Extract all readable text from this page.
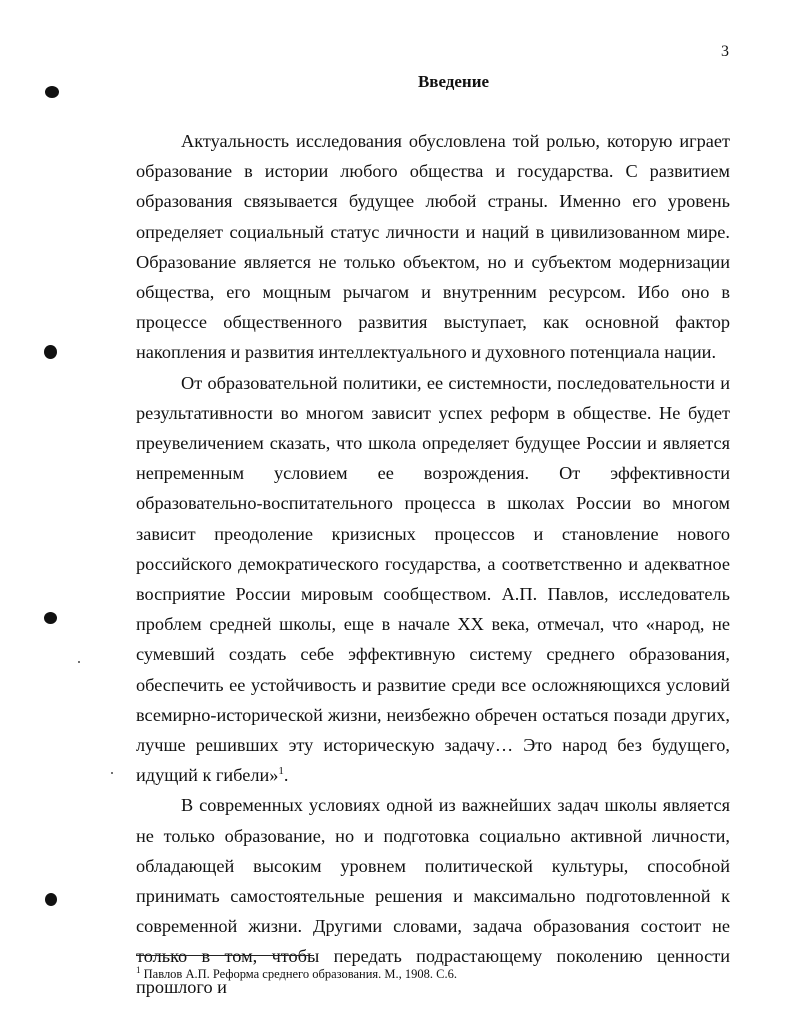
3
Введение

Актуальность исследования обусловлена той ролью, которую играет образование в истории любого общества и государства. С развитием образования связывается будущее любой страны. Именно его уровень определяет социальный статус личности и наций в цивилизованном мире. Образование является не только объектом, но и субъектом модернизации общества, его мощным рычагом и внутренним ресурсом. Ибо оно в процессе общественного развития выступает, как основной фактор накопления и развития интеллектуального и духовного потенциала нации.

От образовательной политики, ее системности, последовательности и результативности во многом зависит успех реформ в обществе. Не будет преувеличением сказать, что школа определяет будущее России и является непременным условием ее возрождения. От эффективности образовательно-воспитательного процесса в школах России во многом зависит преодоление кризисных процессов и становление нового российского демократического государства, а соответственно и адекватное восприятие России мировым сообществом. А.П. Павлов, исследователь проблем средней школы, еще в начале XX века, отмечал, что «народ, не сумевший создать себе эффективную систему среднего образования, обеспечить ее устойчивость и развитие среди все осложняющихся условий всемирно-исторической жизни, неизбежно обречен остаться позади других, лучше решивших эту историческую задачу… Это народ без будущего, идущий к гибели»$^1$.

В современных условиях одной из важнейших задач школы является не только образование, но и подготовка социально активной личности, обладающей высоким уровнем политической культуры, способной принимать самостоятельные решения и максимально подготовленной к современной жизни. Другими словами, задача образования состоит не только в том, чтобы передать подрастающему поколению ценности прошлого и

$^1$ Павлов А.П. Реформа среднего образования. М., 1908. С.6.
